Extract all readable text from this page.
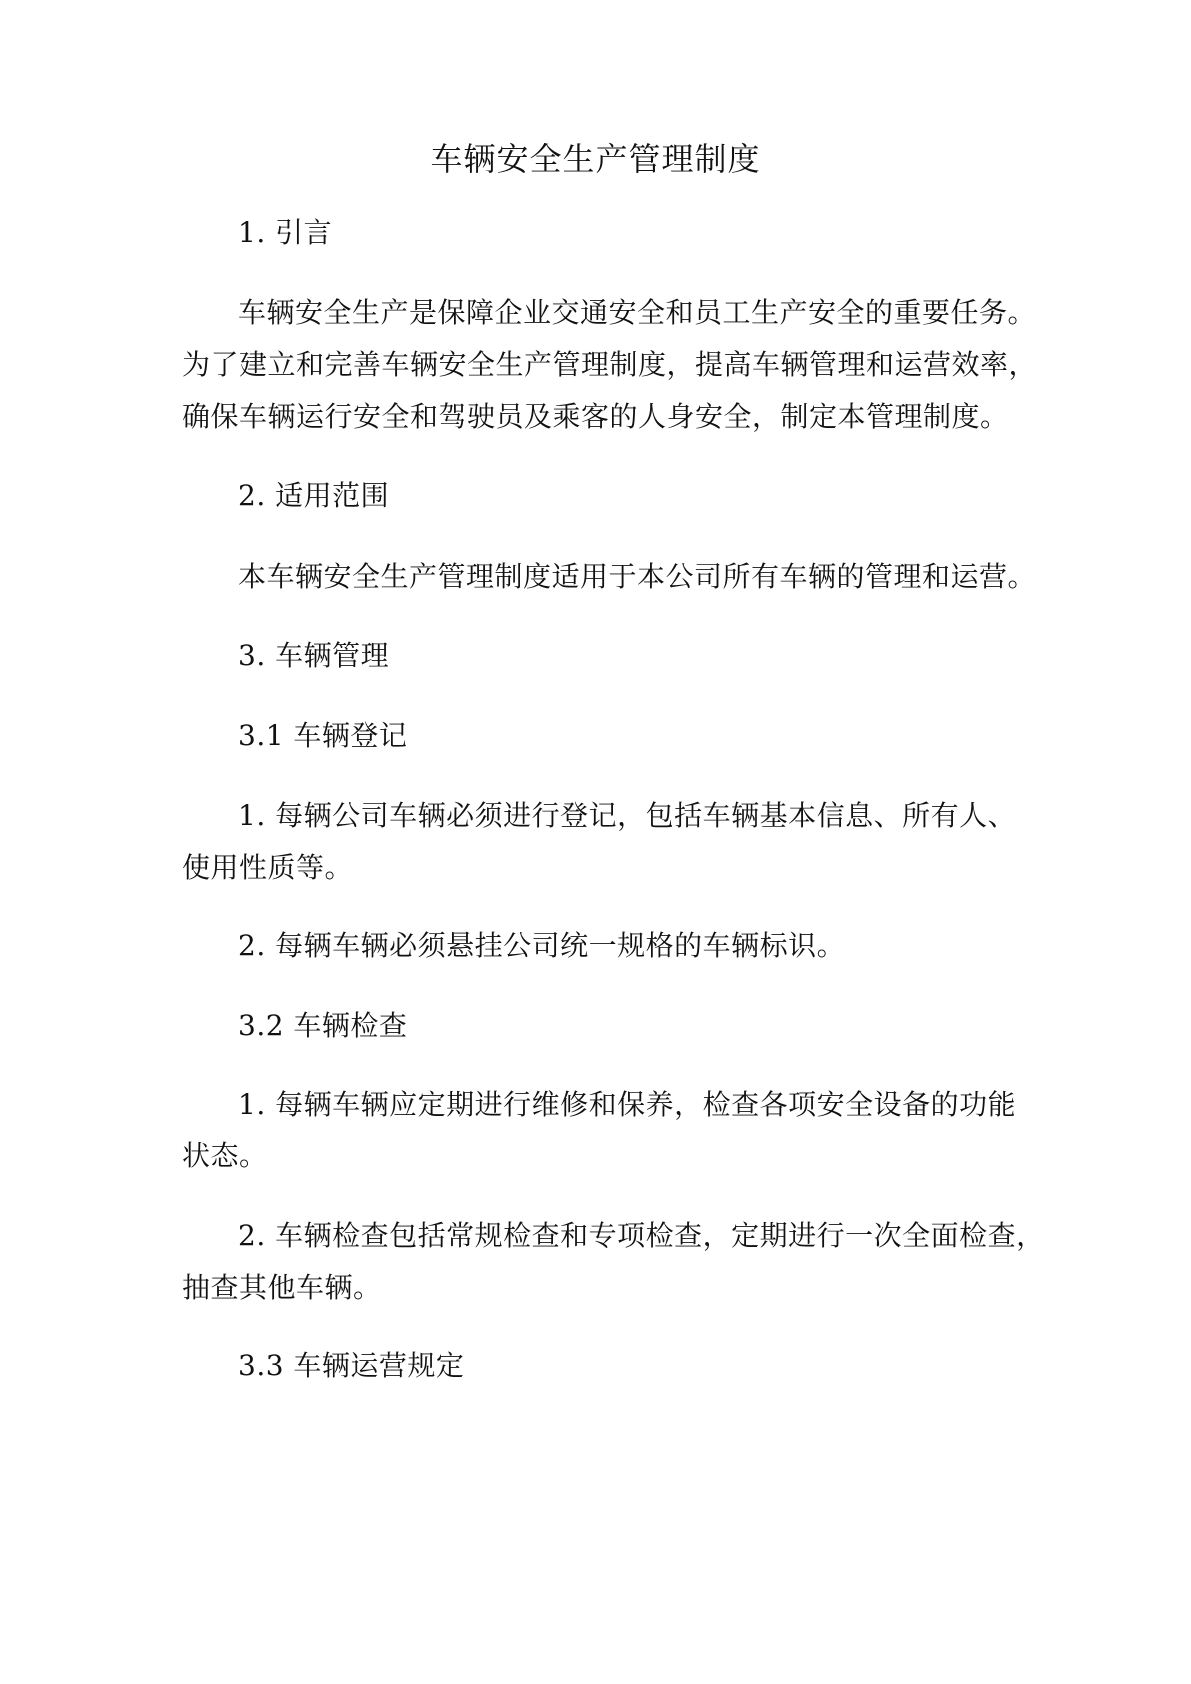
车辆安全生产管理制度
1. 引言
车辆安全生产是保障企业交通安全和员工生产安全的重要任务。
为了建立和完善车辆安全生产管理制度，提高车辆管理和运营效率，
确保车辆运行安全和驾驶员及乘客的人身安全，制定本管理制度。
2. 适用范围
本车辆安全生产管理制度适用于本公司所有车辆的管理和运营。
3. 车辆管理
3.1 车辆登记
1. 每辆公司车辆必须进行登记，包括车辆基本信息、所有人、
使用性质等。
2. 每辆车辆必须悬挂公司统一规格的车辆标识。
3.2 车辆检查
1. 每辆车辆应定期进行维修和保养，检查各项安全设备的功能
状态。
2. 车辆检查包括常规检查和专项检查，定期进行一次全面检查，
抽查其他车辆。
3.3 车辆运营规定
